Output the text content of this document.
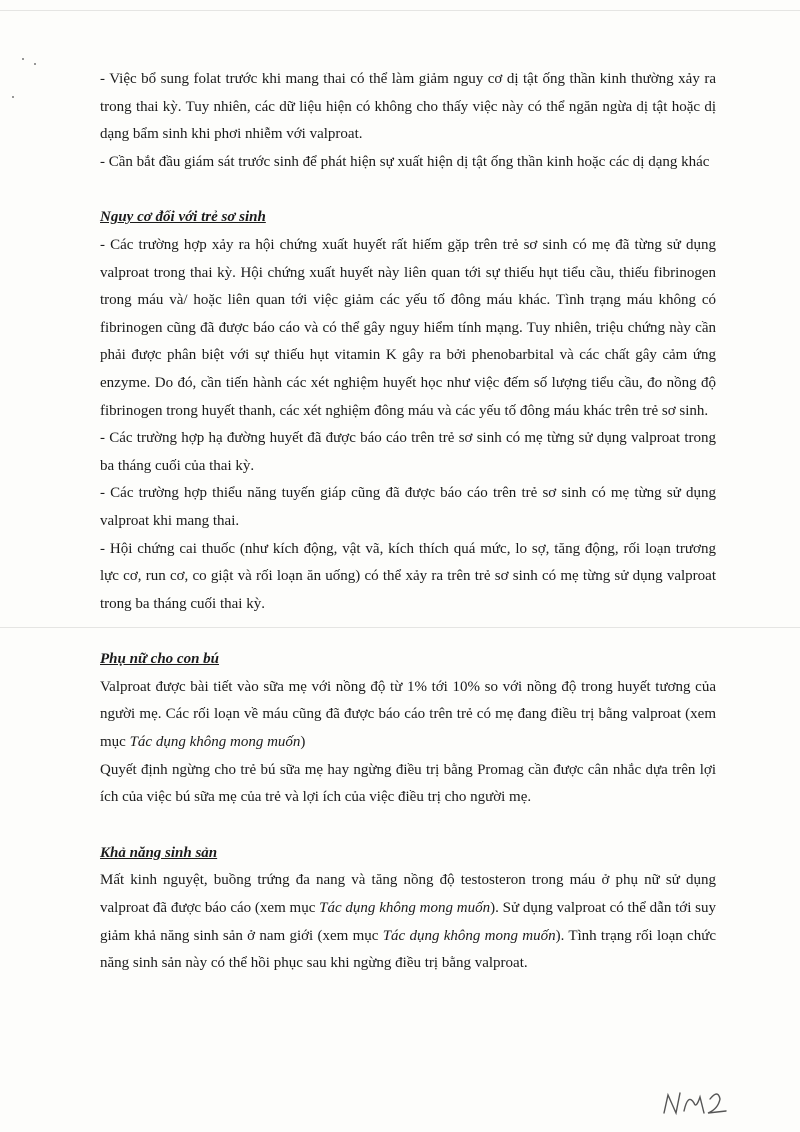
- Việc bổ sung folat trước khi mang thai có thể làm giảm nguy cơ dị tật ống thần kinh thường xảy ra trong thai kỳ. Tuy nhiên, các dữ liệu hiện có không cho thấy việc này có thể ngăn ngừa dị tật hoặc dị dạng bẩm sinh khi phơi nhiễm với valproat.

- Cần bắt đầu giám sát trước sinh để phát hiện sự xuất hiện dị tật ống thần kinh hoặc các dị dạng khác

Nguy cơ đối với trẻ sơ sinh

- Các trường hợp xảy ra hội chứng xuất huyết rất hiếm gặp trên trẻ sơ sinh có mẹ đã từng sử dụng valproat trong thai kỳ. Hội chứng xuất huyết này liên quan tới sự thiếu hụt tiểu cầu, thiếu fibrinogen trong máu và/ hoặc liên quan tới việc giảm các yếu tố đông máu khác. Tình trạng máu không có fibrinogen cũng đã được báo cáo và có thể gây nguy hiểm tính mạng. Tuy nhiên, triệu chứng này cần phải được phân biệt với sự thiếu hụt vitamin K gây ra bởi phenobarbital và các chất gây cảm ứng enzyme. Do đó, cần tiến hành các xét nghiệm huyết học như việc đếm số lượng tiểu cầu, đo nồng độ fibrinogen trong huyết thanh, các xét nghiệm đông máu và các yếu tố đông máu khác trên trẻ sơ sinh.

- Các trường hợp hạ đường huyết đã được báo cáo trên trẻ sơ sinh có mẹ từng sử dụng valproat trong ba tháng cuối của thai kỳ.

- Các trường hợp thiểu năng tuyến giáp cũng đã được báo cáo trên trẻ sơ sinh có mẹ từng sử dụng valproat khi mang thai.

- Hội chứng cai thuốc (như kích động, vật vã, kích thích quá mức, lo sợ, tăng động, rối loạn trương lực cơ, run cơ, co giật và rối loạn ăn uống) có thể xảy ra trên trẻ sơ sinh có mẹ từng sử dụng valproat trong ba tháng cuối thai kỳ.

Phụ nữ cho con bú

Valproat được bài tiết vào sữa mẹ với nồng độ từ 1% tới 10% so với nồng độ trong huyết tương của người mẹ. Các rối loạn về máu cũng đã được báo cáo trên trẻ có mẹ đang điều trị bằng valproat (xem mục Tác dụng không mong muốn)

Quyết định ngừng cho trẻ bú sữa mẹ hay ngừng điều trị bằng Promag cần được cân nhắc dựa trên lợi ích của việc bú sữa mẹ của trẻ và lợi ích của việc điều trị cho người mẹ.

Khả năng sinh sản

Mất kinh nguyệt, buồng trứng đa nang và tăng nồng độ testosteron trong máu ở phụ nữ sử dụng valproat đã được báo cáo (xem mục Tác dụng không mong muốn). Sử dụng valproat có thể dẫn tới suy giảm khả năng sinh sản ở nam giới (xem mục Tác dụng không mong muốn). Tình trạng rối loạn chức năng sinh sản này có thể hồi phục sau khi ngừng điều trị bằng valproat.
